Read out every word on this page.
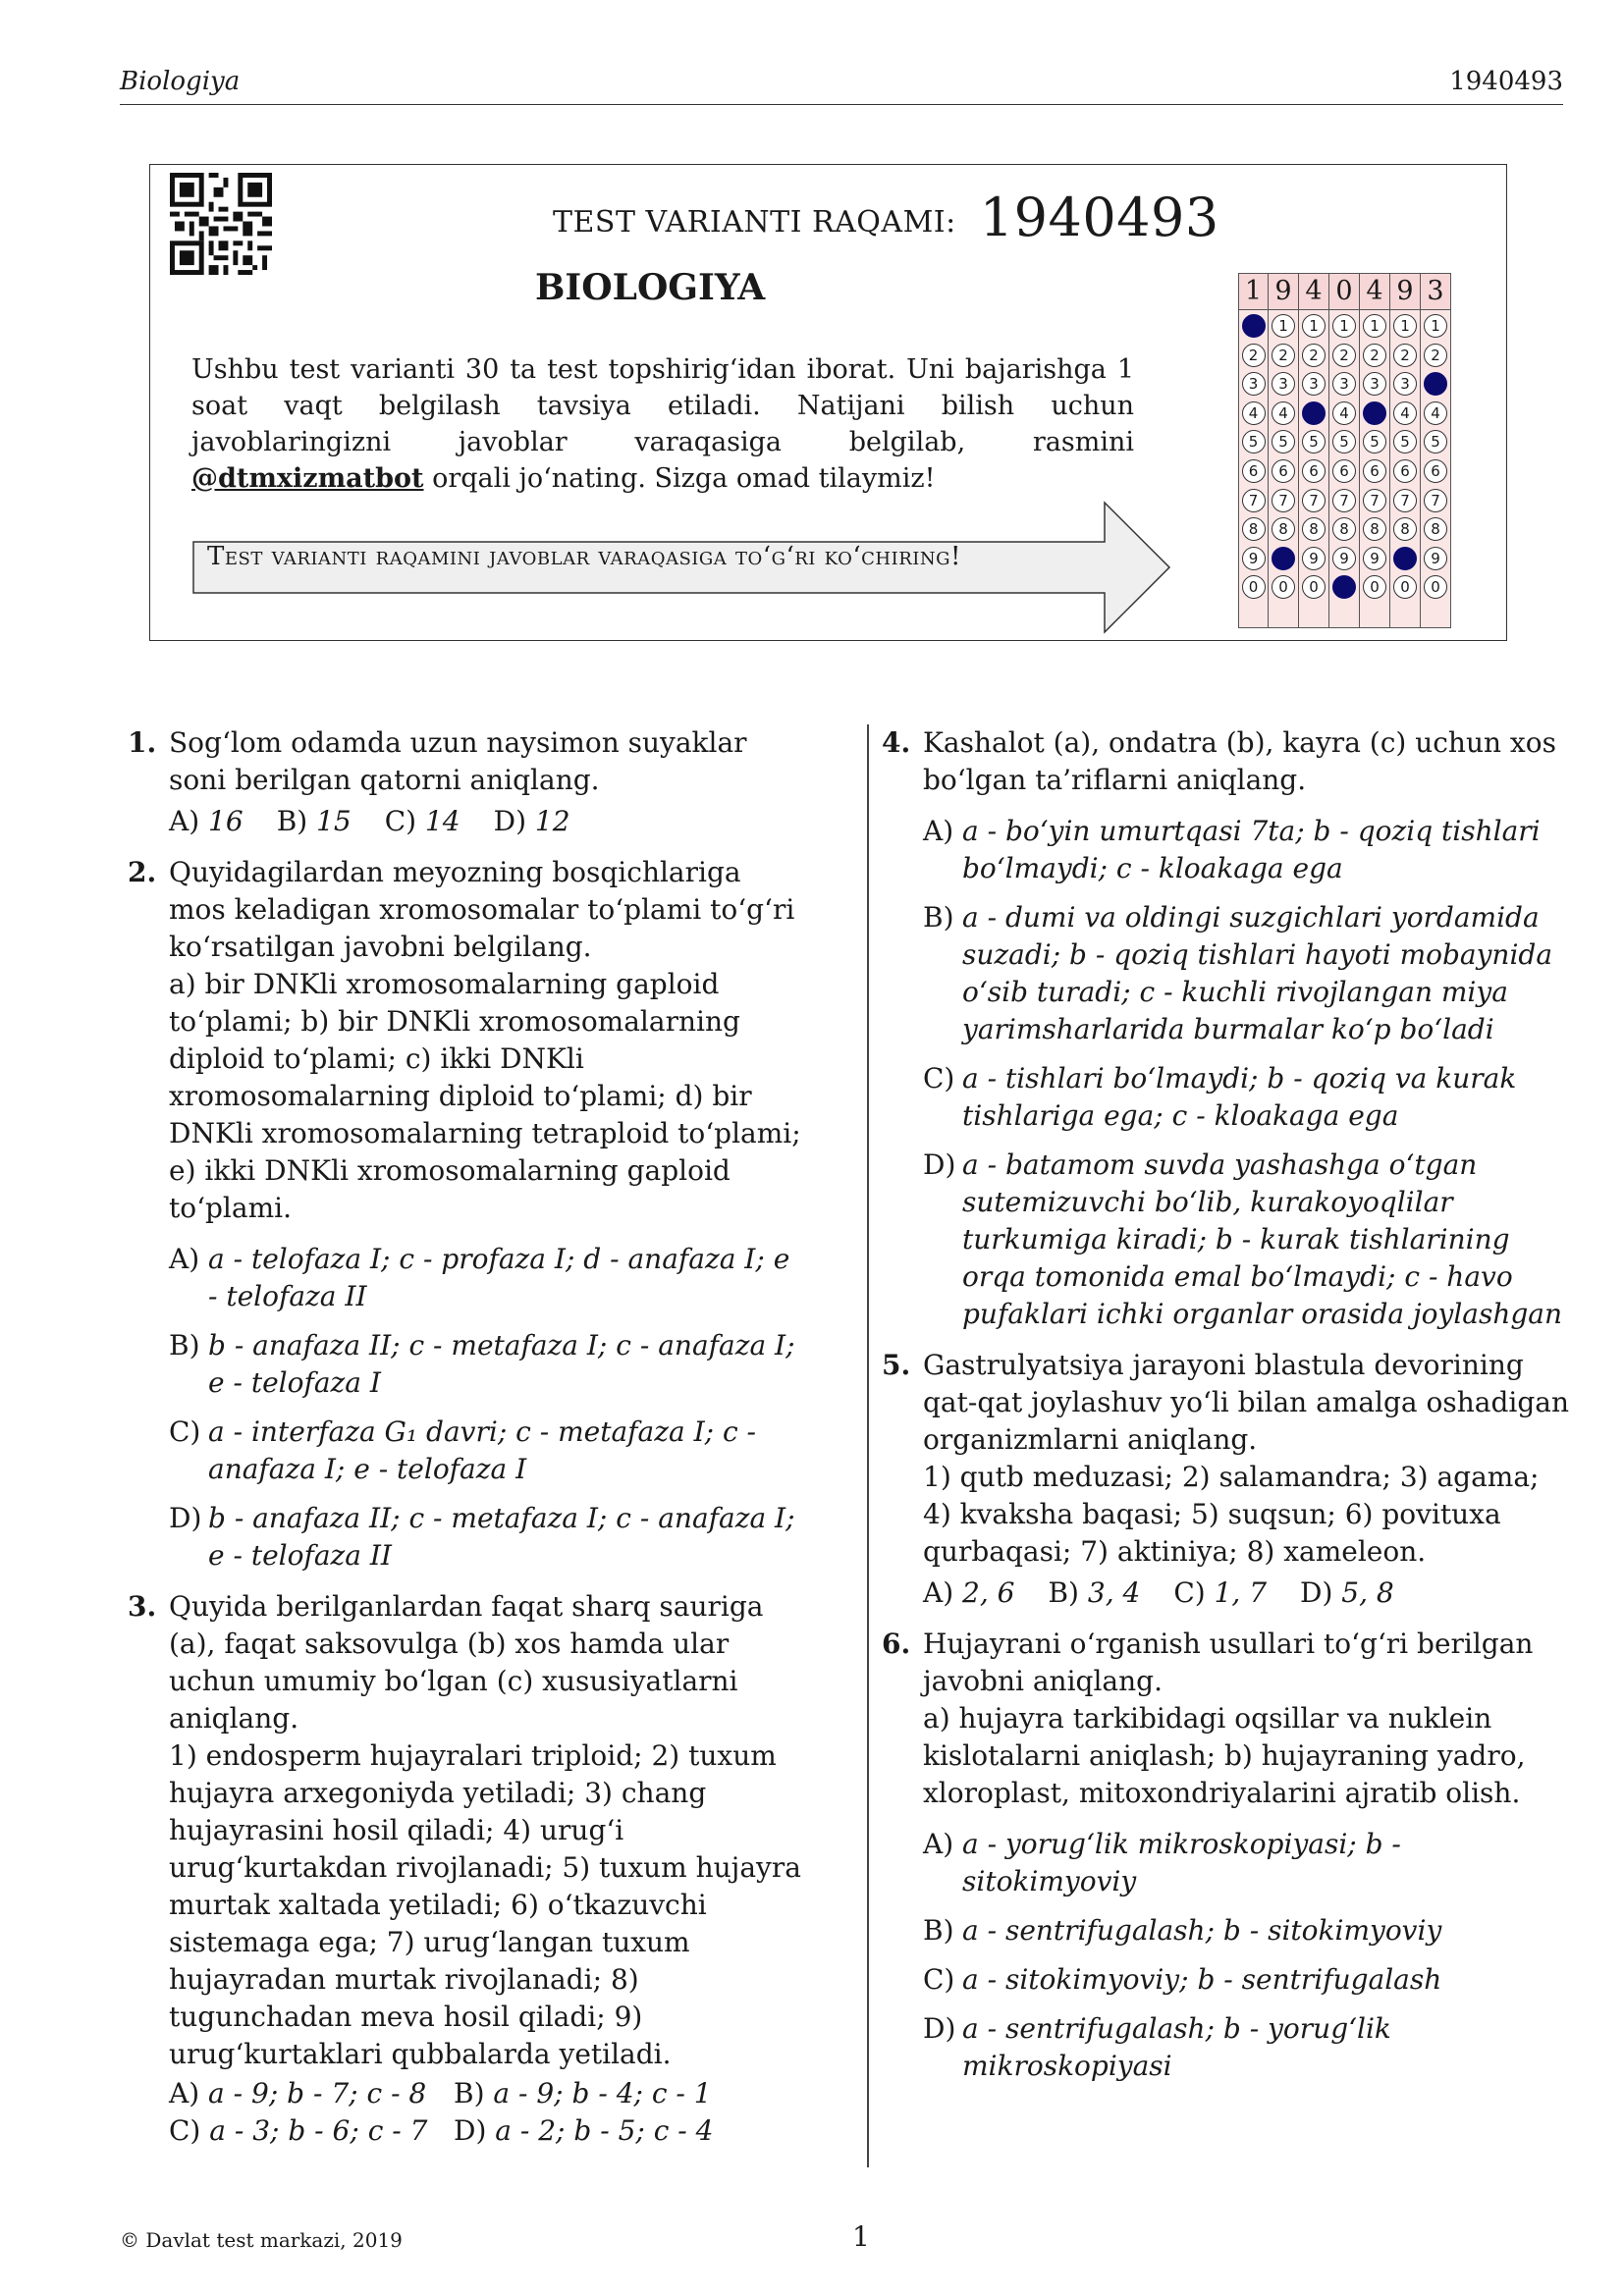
Biologiya	1940493
TEST VARIANTI RAQAMI: 1940493
BIOLOGIYA
Ushbu test varianti 30 ta test topshirig‘idan iborat. Uni bajarishga 1 soat vaqt belgilash tavsiya etiladi. Natijani bilish uchun javoblaringizni javoblar varaqasiga belgilab, rasmini @dtmxizmatbot orqali jo‘nating. Sizga omad tilaymiz!
Test varianti raqamini javoblar varaqasiga to‘g‘ri ko‘chiring!
1
2
3
4
5
6
7
8
9
0
9
1
2
3
4
5
6
7
8
0
4
1
2
3
5
6
7
8
9
0
0
1
2
3
4
5
6
7
8
9
4
1
2
3
5
6
7
8
9
0
9
1
2
3
4
5
6
7
8
0
3
1
2
4
5
6
7
8
9
0
1. Sog‘lom odamda uzun naysimon suyaklar soni berilgan qatorni aniqlang.
A) 16 B) 15 C) 14 D) 12
2. Quyidagilardan meyozning bosqichlariga mos keladigan xromosomalar to‘plami to‘g‘ri ko‘rsatilgan javobni belgilang.
a) bir DNKli xromosomalarning gaploid to‘plami; b) bir DNKli xromosomalarning diploid to‘plami; c) ikki DNKli xromosomalarning diploid to‘plami; d) bir DNKli xromosomalarning tetraploid to‘plami; e) ikki DNKli xromosomalarning gaploid to‘plami.
A) a - telofaza I; c - profaza I; d - anafaza I; e - telofaza II
B) b - anafaza II; c - metafaza I; c - anafaza I; e - telofaza I
C) a - interfaza G₁ davri; c - metafaza I; c - anafaza I; e - telofaza I
D) b - anafaza II; c - metafaza I; c - anafaza I; e - telofaza II
3. Quyida berilganlardan faqat sharq sauriga (a), faqat saksovulga (b) xos hamda ular uchun umumiy bo‘lgan (c) xususiyatlarni aniqlang.
1) endosperm hujayralari triploid; 2) tuxum hujayra arxegoniyda yetiladi; 3) chang hujayrasini hosil qiladi; 4) urug‘i urug‘kurtakdan rivojlanadi; 5) tuxum hujayra murtak xaltada yetiladi; 6) o‘tkazuvchi sistemaga ega; 7) urug‘langan tuxum hujayradan murtak rivojlanadi; 8) tugunchadan meva hosil qiladi; 9) urug‘kurtaklari qubbalarda yetiladi.
A) a - 9; b - 7; c - 8 B) a - 9; b - 4; c - 1
C) a - 3; b - 6; c - 7 D) a - 2; b - 5; c - 4
4. Kashalot (a), ondatra (b), kayra (c) uchun xos bo‘lgan ta’riflarni aniqlang.
A) a - bo‘yin umurtqasi 7ta; b - qoziq tishlari bo‘lmaydi; c - kloakaga ega
B) a - dumi va oldingi suzgichlari yordamida suzadi; b - qoziq tishlari hayoti mobaynida o‘sib turadi; c - kuchli rivojlangan miya yarimsharlarida burmalar ko‘p bo‘ladi
C) a - tishlari bo‘lmaydi; b - qoziq va kurak tishlariga ega; c - kloakaga ega
D) a - batamom suvda yashashga o‘tgan sutemizuvchi bo‘lib, kurakoyoqlilar turkumiga kiradi; b - kurak tishlarining orqa tomonida emal bo‘lmaydi; c - havo pufaklari ichki organlar orasida joylashgan
5. Gastrulyatsiya jarayoni blastula devorining qat-qat joylashuv yo‘li bilan amalga oshadigan organizmlarni aniqlang.
1) qutb meduzasi; 2) salamandra; 3) agama; 4) kvaksha baqasi; 5) suqsun; 6) povituxa qurbaqasi; 7) aktiniya; 8) xameleon.
A) 2, 6 B) 3, 4 C) 1, 7 D) 5, 8
6. Hujayrani o‘rganish usullari to‘g‘ri berilgan javobni aniqlang.
a) hujayra tarkibidagi oqsillar va nuklein kislotalarni aniqlash; b) hujayraning yadro, xloroplast, mitoxondriyalarini ajratib olish.
A) a - yorug‘lik mikroskopiyasi; b - sitokimyoviy
B) a - sentrifugalash; b - sitokimyoviy
C) a - sitokimyoviy; b - sentrifugalash
D) a - sentrifugalash; b - yorug‘lik mikroskopiyasi
© Davlat test markazi, 2019	1
